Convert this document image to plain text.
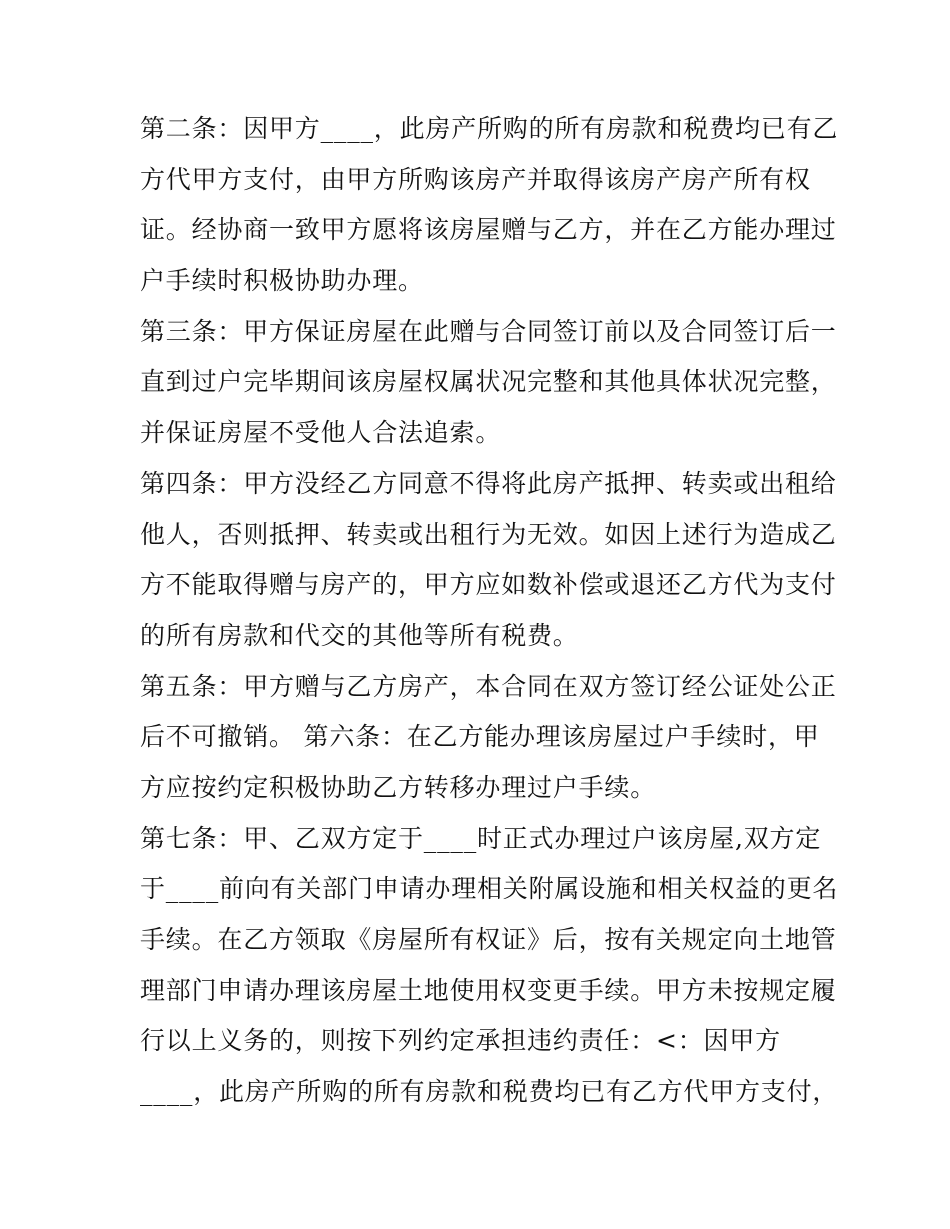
第二条：因甲方____，此房产所购的所有房款和税费均已有乙
方代甲方支付，由甲方所购该房产并取得该房产房产所有权
证。经协商一致甲方愿将该房屋赠与乙方，并在乙方能办理过
户手续时积极协助办理。
第三条：甲方保证房屋在此赠与合同签订前以及合同签订后一
直到过户完毕期间该房屋权属状况完整和其他具体状况完整，
并保证房屋不受他人合法追索。
第四条：甲方没经乙方同意不得将此房产抵押、转卖或出租给
他人，否则抵押、转卖或出租行为无效。如因上述行为造成乙
方不能取得赠与房产的，甲方应如数补偿或退还乙方代为支付
的所有房款和代交的其他等所有税费。
第五条：甲方赠与乙方房产，本合同在双方签订经公证处公正
后不可撤销。 第六条：在乙方能办理该房屋过户手续时，甲
方应按约定积极协助乙方转移办理过户手续。
第七条：甲、乙双方定于____时正式办理过户该房屋,双方定
于____前向有关部门申请办理相关附属设施和相关权益的更名
手续。在乙方领取《房屋所有权证》后，按有关规定向土地管
理部门申请办理该房屋土地使用权变更手续。甲方未按规定履
行以上义务的，则按下列约定承担违约责任：<：因甲方
____，此房产所购的所有房款和税费均已有乙方代甲方支付，
